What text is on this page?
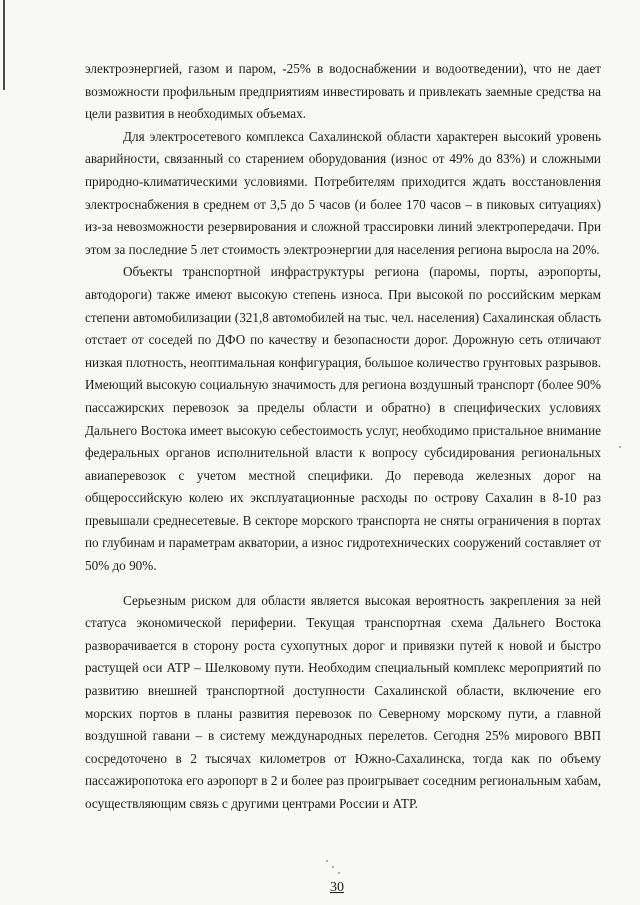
электроэнергией, газом и паром, -25% в водоснабжении и водоотведении), что не дает возможности профильным предприятиям инвестировать и привлекать заемные средства на цели развития в необходимых объемах.

Для электросетевого комплекса Сахалинской области характерен высокий уровень аварийности, связанный со старением оборудования (износ от 49% до 83%) и сложными природно-климатическими условиями. Потребителям приходится ждать восстановления электроснабжения в среднем от 3,5 до 5 часов (и более 170 часов – в пиковых ситуациях) из-за невозможности резервирования и сложной трассировки линий электропередачи. При этом за последние 5 лет стоимость электроэнергии для населения региона выросла на 20%.

Объекты транспортной инфраструктуры региона (паромы, порты, аэропорты, автодороги) также имеют высокую степень износа. При высокой по российским меркам степени автомобилизации (321,8 автомобилей на тыс. чел. населения) Сахалинская область отстает от соседей по ДФО по качеству и безопасности дорог. Дорожную сеть отличают низкая плотность, неоптимальная конфигурация, большое количество грунтовых разрывов. Имеющий высокую социальную значимость для региона воздушный транспорт (более 90% пассажирских перевозок за пределы области и обратно) в специфических условиях Дальнего Востока имеет высокую себестоимость услуг, необходимо пристальное внимание федеральных органов исполнительной власти к вопросу субсидирования региональных авиаперевозок с учетом местной специфики. До перевода железных дорог на общероссийскую колею их эксплуатационные расходы по острову Сахалин в 8-10 раз превышали среднесетевые. В секторе морского транспорта не сняты ограничения в портах по глубинам и параметрам акватории, а износ гидротехнических сооружений составляет от 50% до 90%.

Серьезным риском для области является высокая вероятность закрепления за ней статуса экономической периферии. Текущая транспортная схема Дальнего Востока разворачивается в сторону роста сухопутных дорог и привязки путей к новой и быстро растущей оси АТР – Шелковому пути. Необходим специальный комплекс мероприятий по развитию внешней транспортной доступности Сахалинской области, включение его морских портов в планы развития перевозок по Северному морскому пути, а главной воздушной гавани – в систему международных перелетов. Сегодня 25% мирового ВВП сосредоточено в 2 тысячах километров от Южно-Сахалинска, тогда как по объему пассажиропотока его аэропорт в 2 и более раз проигрывает соседним региональным хабам, осуществляющим связь с другими центрами России и АТР.

30
